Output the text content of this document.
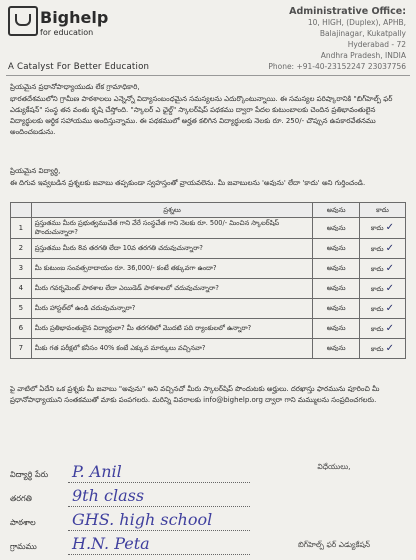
Bighelp
for education
A Catalyst For Better Education
Administrative Office:
10, HIGH, (Duplex), APHB,
Balajinagar, Kukatpally
Hyderabad - 72
Andhra Pradesh, INDIA
Phone: +91-40-23152247 23037756
ప్రియమైన ప్రధానోపాధ్యాయుడు లేక గ్రామాధికారి,
భారతదేశములోని గ్రామీణ పాఠశాలలు ఎన్నెన్నో విద్యాసంబంధమైన సమస్యలను ఎదుర్కొంటున్నాయి. ఈ సమస్యల పరిష్కారానికి "బిగ్‌హెల్ప్ ఫర్ ఎడ్యుకేషన్" సంస్థ తన వంతు కృషి చేస్తోంది. "స్కాలర్ ఎ ఛైల్డ్" స్కాలర్‌షిప్ పథకము ద్వారా పేదల కుటుంబాలకు చెందిన ప్రతిభావంతులైన విద్యార్థులకు ఆర్థిక సహాయము అందిస్తున్నాము. ఈ పథకములో అర్హత కలిగిన విద్యార్థులకు నెలకు రూ. 250/- చొప్పున ఉపకారవేతనము అందించబడును.
ప్రియమైన విద్యార్థి,
ఈ దిగువ ఇవ్వబడిన ప్రశ్నలకు జవాబు తప్పకుండా స్వహస్తంతో వ్రాయవలెను. మీ జవాబులను 'అవును' లేదా 'కాదు' అని గుర్తించండి.
	ప్రశ్నలు	అవును	కాదు
1	ప్రస్తుతము మీరు ప్రభుత్వముచేత గాని వేరే సంస్థచేత గాని నెలకు రూ. 500/- మించిన స్కాలర్‌షిప్ పొందుచున్నారా?	అవును	కాదు ✓
2	ప్రస్తుతము మీరు 8వ తరగతి లేదా 10వ తరగతి చదువుచున్నారా?	అవును	కాదు ✓
3	మీ కుటుంబ సంవత్సరాదాయం రూ. 36,000/- కంటే తక్కువగా ఉందా?	అవును	కాదు ✓
4	మీరు గవర్నమెంట్ పాఠశాల లేదా ఎయిడెడ్ పాఠశాలలో చదువుచున్నారా?	అవును	కాదు ✓
5	మీరు హాస్టల్‌లో ఉండి చదువుచున్నారా?	అవును	కాదు ✓
6	మీరు ప్రతిభావంతులైన విద్యార్థులా? మీ తరగతిలో మొదటి పది ర్యాంకులలో ఉన్నారా?	అవును	కాదు ✓
7	మీకు గత పరీక్షలో కనీసం 40% కంటే ఎక్కువ మార్కులు వచ్చినవా?	అవును	కాదు ✓
పై వాటిలో ఏదేని ఒక ప్రశ్నకు మీ జవాబు "అవును" అని వచ్చినచో మీరు స్కాలర్‌షిప్ పొందుటకు అర్హులు. దరఖాస్తు ఫారమును పూరించి మీ ప్రధానోపాధ్యాయుని సంతకముతో మాకు పంపగలరు. మరిన్ని వివరాలకు info@bighelp.org ద్వారా గాని మమ్ములను సంప్రదించగలరు.
విద్యార్థి పేరు P. Anil
తరగతి	9th class
పాఠశాల GHS. high school
గ్రామము H.N. Peta
విధేయులు,
బిగ్‌హెల్ప్ ఫర్ ఎడ్యుకేషన్
